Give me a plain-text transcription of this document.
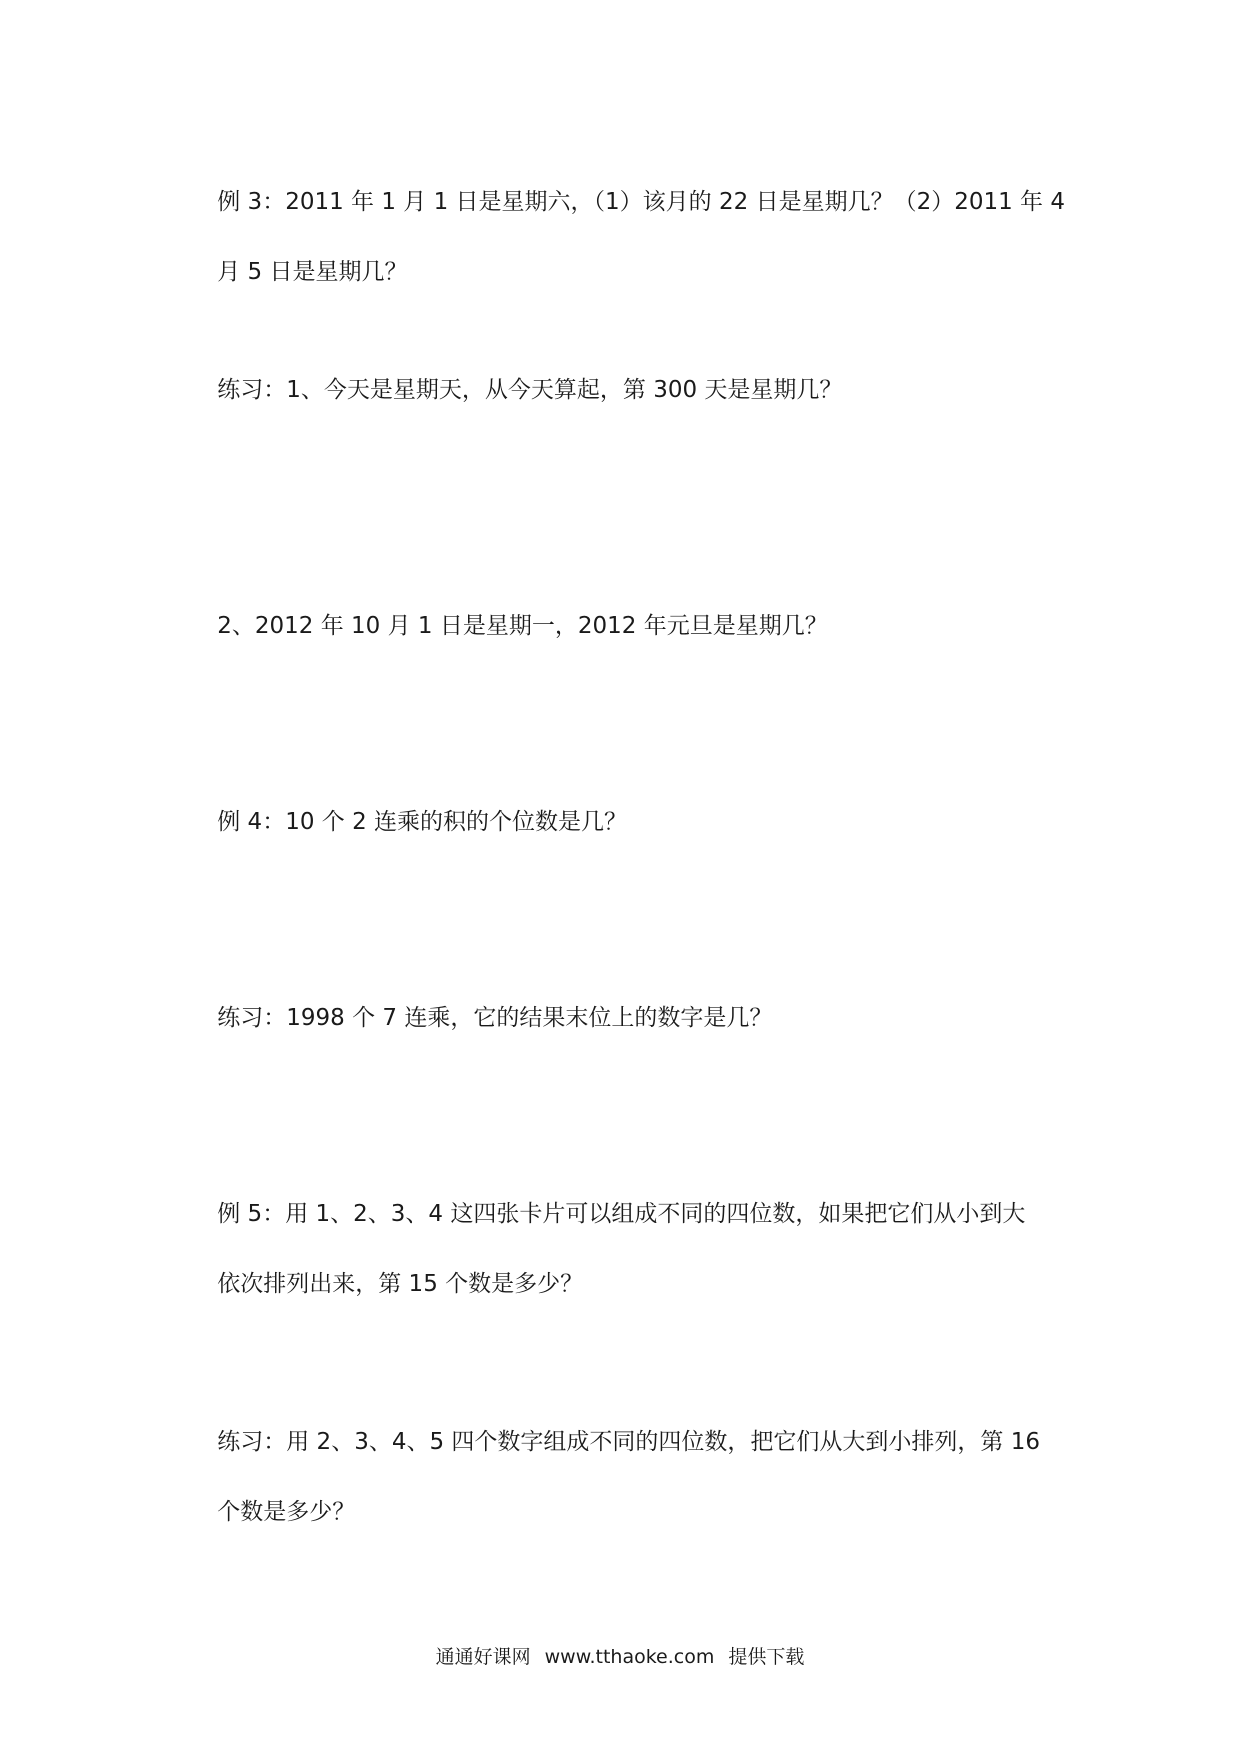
例 3：2011 年 1 月 1 日是星期六，（1）该月的 22 日是星期几？（2）2011 年 4

月 5 日是星期几？

练习：1、今天是星期天，从今天算起，第 300 天是星期几？

2、2012 年 10 月 1 日是星期一，2012 年元旦是星期几？

例 4：10 个 2 连乘的积的个位数是几？

练习：1998 个 7 连乘，它的结果末位上的数字是几？

例 5：用 1、2、3、4 这四张卡片可以组成不同的四位数，如果把它们从小到大

依次排列出来，第 15 个数是多少？

练习：用 2、3、4、5 四个数字组成不同的四位数，把它们从大到小排列，第 16

个数是多少？

通通好课网 www.tthaoke.com 提供下载
